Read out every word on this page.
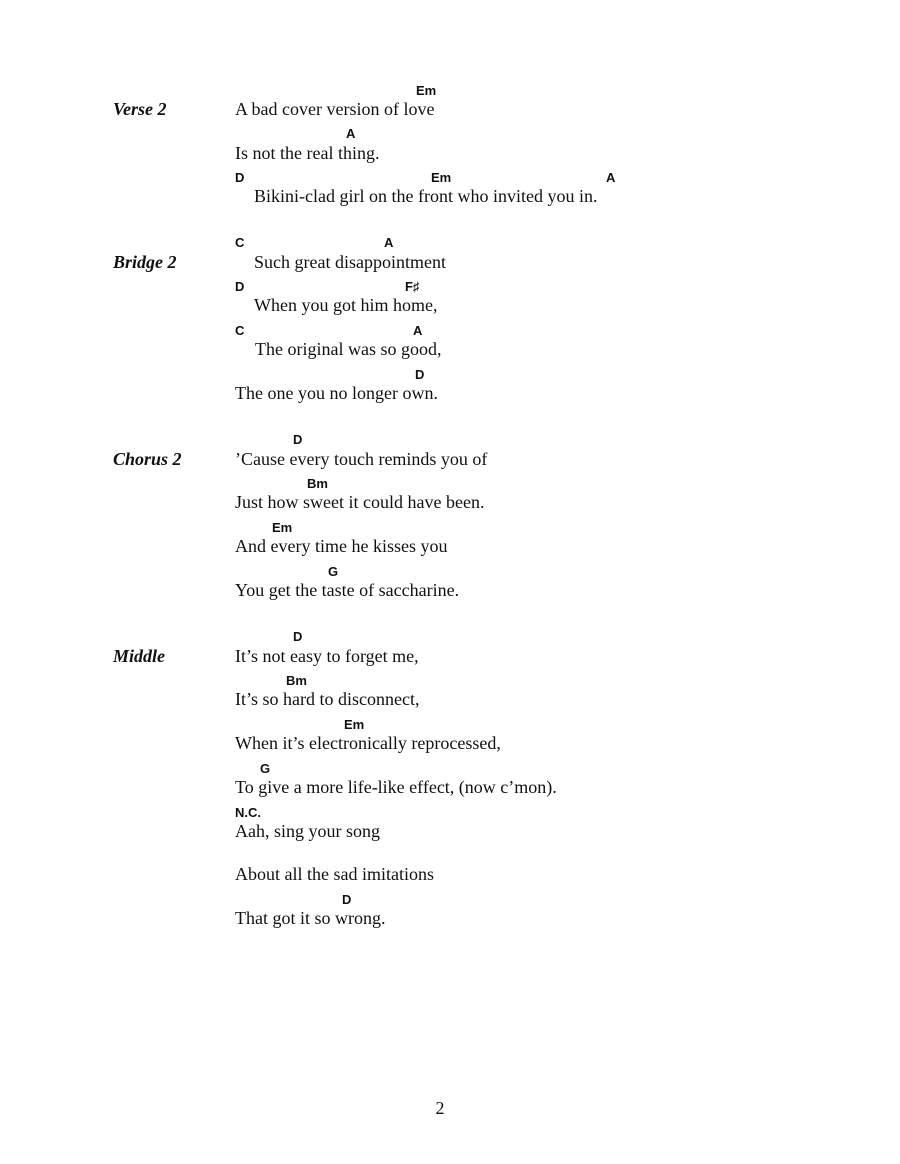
Verse 2
Em
A bad cover version of love
A
Is not the real thing.
D	Em	A
Bikini-clad girl on the front who invited you in.
Bridge 2
C	A
Such great disappointment
D	F♯
When you got him home,
C	A
The original was so good,
D
The one you no longer own.
Chorus 2
D
’Cause every touch reminds you of
Bm
Just how sweet it could have been.
Em
And every time he kisses you
G
You get the taste of saccharine.
Middle
D
It’s not easy to forget me,
Bm
It’s so hard to disconnect,
Em
When it’s electronically reprocessed,
G
To give a more life-like effect, (now c’mon).
N.C.
Aah, sing your song
About all the sad imitations
D
That got it so wrong.
2
